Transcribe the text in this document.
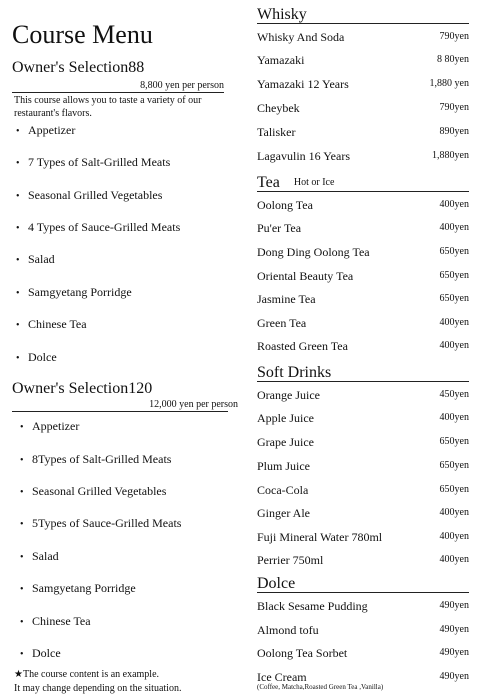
Course Menu
Owner's Selection88
8,800 yen per person
This course allows you to taste a variety of our restaurant's flavors.
• Appetizer
• 7 Types of Salt-Grilled Meats
• Seasonal Grilled Vegetables
• 4 Types of Sauce-Grilled Meats
• Salad
• Samgyetang Porridge
• Chinese Tea
• Dolce
Owner's Selection120
12,000 yen per person
• Appetizer
• 8Types of Salt-Grilled Meats
• Seasonal Grilled Vegetables
• 5Types of Sauce-Grilled Meats
• Salad
• Samgyetang Porridge
• Chinese Tea
• Dolce
★The course content is an example.
It may change depending on the situation.
Whisky
Whisky And Soda	790yen
Yamazaki	8 80yen
Yamazaki 12 Years	1,880 yen
Cheybek	790yen
Talisker	890yen
Lagavulin 16 Years	1,880yen
Tea Hot or Ice
Oolong Tea	400yen
Pu'er Tea	400yen
Dong Ding Oolong Tea	650yen
Oriental Beauty Tea	650yen
Jasmine Tea	650yen
Green Tea	400yen
Roasted Green Tea	400yen
Soft Drinks
Orange Juice	450yen
Apple Juice	400yen
Grape Juice	650yen
Plum Juice	650yen
Coca-Cola	650yen
Ginger Ale	400yen
Fuji Mineral Water 780ml	400yen
Perrier 750ml	400yen
Dolce
Black Sesame Pudding	490yen
Almond tofu	490yen
Oolong Tea Sorbet	490yen
Ice Cream	490yen
(Coffee, Matcha,Roasted Green Tea ,Vanilla)
